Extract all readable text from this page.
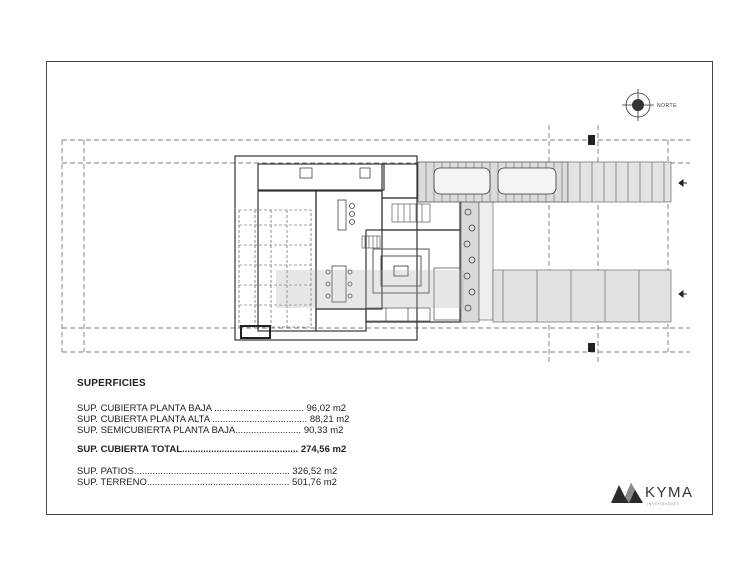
NORTE
SUPERFICIES
SUP. CUBIERTA PLANTA BAJA .................................. 96,02 m2
SUP. CUBIERTA PLANTA ALTA .................................... 88,21 m2
SUP. SEMICUBIERTA PLANTA BAJA......................... 90,33 m2
SUP. CUBIERTA TOTAL............................................ 274,56 m2
SUP. PATIOS........................................................... 326,52 m2
SUP. TERRENO...................................................... 501,76 m2
KYMA
INVERSIONES
